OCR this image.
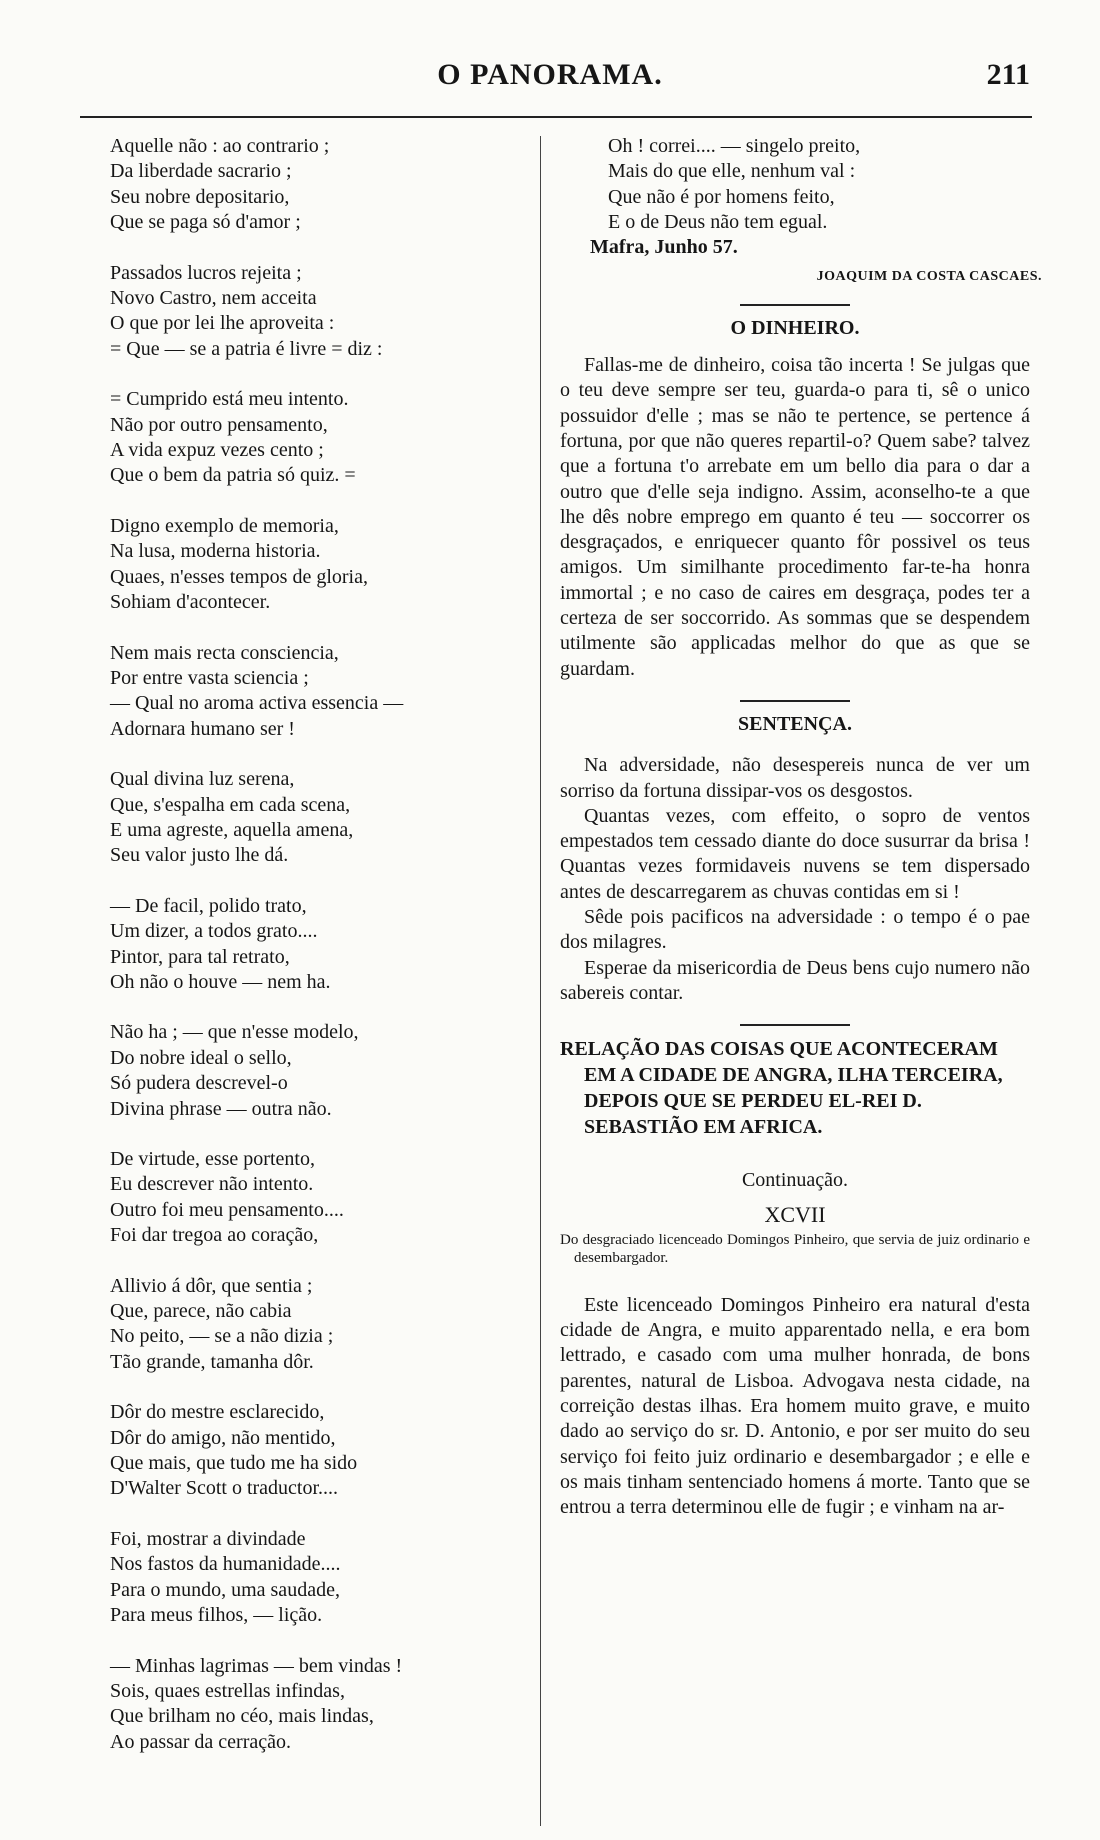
O PANORAMA.	211
Aquelle não : ao contrario ;
Da liberdade sacrario ;
Seu nobre depositario,
Que se paga só d'amor ;
Passados lucros rejeita ;
Novo Castro, nem acceita
O que por lei lhe aproveita :
= Que — se a patria é livre = diz :
= Cumprido está meu intento.
Não por outro pensamento,
A vida expuz vezes cento ;
Que o bem da patria só quiz. =
Digno exemplo de memoria,
Na lusa, moderna historia.
Quaes, n'esses tempos de gloria,
Sohiam d'acontecer.
Nem mais recta consciencia,
Por entre vasta sciencia ;
— Qual no aroma activa essencia —
Adornara humano ser !
Qual divina luz serena,
Que, s'espalha em cada scena,
E uma agreste, aquella amena,
Seu valor justo lhe dá.
— De facil, polido trato,
Um dizer, a todos grato....
Pintor, para tal retrato,
Oh não o houve — nem ha.
Não ha ; — que n'esse modelo,
Do nobre ideal o sello,
Só pudera descrevel-o
Divina phrase — outra não.
De virtude, esse portento,
Eu descrever não intento.
Outro foi meu pensamento....
Foi dar tregoa ao coração,
Allivio á dôr, que sentia ;
Que, parece, não cabia
No peito, — se a não dizia ;
Tão grande, tamanha dôr.
Dôr do mestre esclarecido,
Dôr do amigo, não mentido,
Que mais, que tudo me ha sido
D'Walter Scott o traductor....
Foi, mostrar a divindade
Nos fastos da humanidade....
Para o mundo, uma saudade,
Para meus filhos, — lição.
— Minhas lagrimas — bem vindas !
Sois, quaes estrellas infindas,
Que brilham no céo, mais lindas,
Ao passar da cerração.
Oh ! correi.... — singelo preito,
Mais do que elle, nenhum val :
Que não é por homens feito,
E o de Deus não tem egual.
Mafra, Junho 57.
JOAQUIM DA COSTA CASCAES.
O DINHEIRO.

Fallas-me de dinheiro, coisa tão incerta ! Se julgas que o teu deve sempre ser teu, guarda-o para ti, sê o unico possuidor d'elle ; mas se não te pertence, se pertence á fortuna, por que não queres repartil-o? Quem sabe? talvez que a fortuna t'o arrebate em um bello dia para o dar a outro que d'elle seja indigno. Assim, aconselho-te a que lhe dês nobre emprego em quanto é teu — soccorrer os desgraçados, e enriquecer quanto fôr possivel os teus amigos. Um similhante procedimento far-te-ha honra immortal ; e no caso de caires em desgraça, podes ter a certeza de ser soccorrido. As sommas que se despendem utilmente são applicadas melhor do que as que se guardam.

SENTENÇA.

Na adversidade, não desespereis nunca de ver um sorriso da fortuna dissipar-vos os desgostos.

Quantas vezes, com effeito, o sopro de ventos empestados tem cessado diante do doce susurrar da brisa ! Quantas vezes formidaveis nuvens se tem dispersado antes de descarregarem as chuvas contidas em si !

Sêde pois pacificos na adversidade : o tempo é o pae dos milagres.

Esperae da misericordia de Deus bens cujo numero não sabereis contar.

RELAÇÃO DAS COISAS QUE ACONTECERAM EM A CIDADE DE ANGRA, ILHA TERCEIRA, DEPOIS QUE SE PERDEU EL-REI D. SEBASTIÃO EM AFRICA.

Continuação.
XCVII
Do desgraciado licenceado Domingos Pinheiro, que servia de juiz ordinario e desembargador.

Este licenceado Domingos Pinheiro era natural d'esta cidade de Angra, e muito apparentado nella, e era bom lettrado, e casado com uma mulher honrada, de bons parentes, natural de Lisboa. Advogava nesta cidade, na correição destas ilhas. Era homem muito grave, e muito dado ao serviço do sr. D. Antonio, e por ser muito do seu serviço foi feito juiz ordinario e desembargador ; e elle e os mais tinham sentenciado homens á morte. Tanto que se entrou a terra determinou elle de fugir ; e vinham na ar-
